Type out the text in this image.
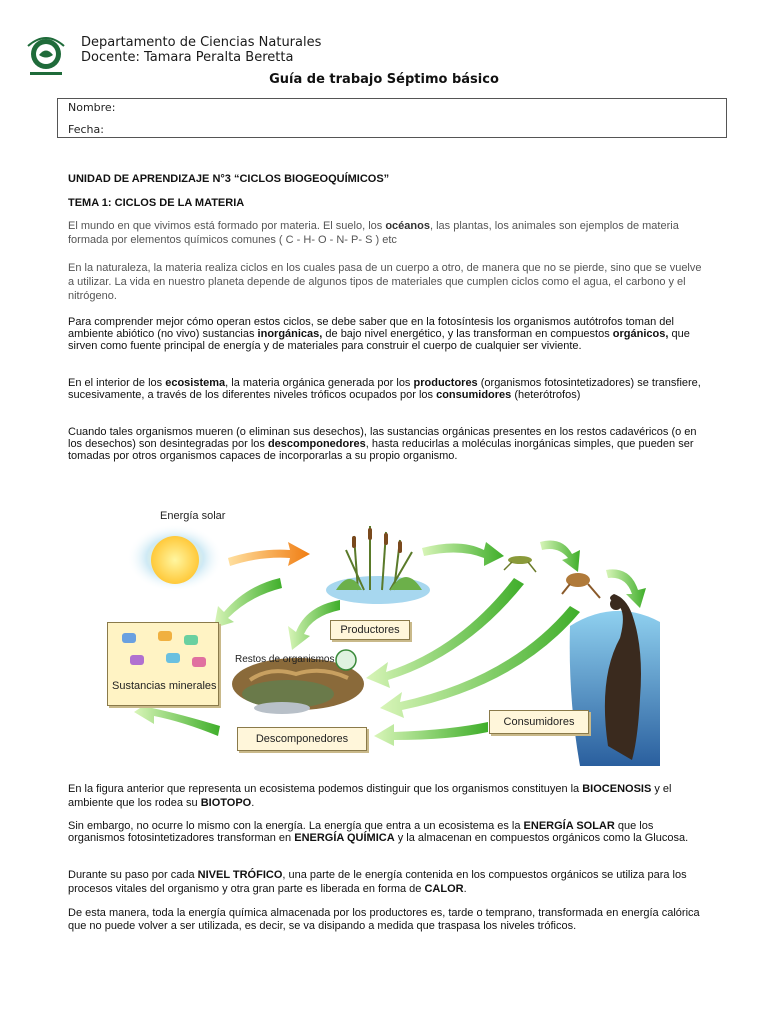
Departamento de Ciencias Naturales
Docente: Tamara Peralta Beretta
Guía de trabajo Séptimo básico
Nombre:
Fecha:
UNIDAD DE APRENDIZAJE N°3 “CICLOS BIOGEOQUÍMICOS”
TEMA 1: CICLOS DE LA MATERIA
El mundo en que vivimos está formado por materia. El suelo, los océanos, las plantas, los animales son ejemplos de materia formada por elementos químicos comunes ( C - H- O - N- P- S ) etc
En la naturaleza, la materia realiza ciclos en los cuales pasa de un cuerpo a otro, de manera que no se pierde, sino que se vuelve a utilizar. La vida en nuestro planeta depende de algunos tipos de materiales que cumplen ciclos como el agua, el carbono y el nitrógeno.
Para comprender mejor cómo operan estos ciclos, se debe saber que en la fotosíntesis los organismos autótrofos toman del ambiente abiótico (no vivo) sustancias inorgánicas, de bajo nivel energético, y las transforman en compuestos orgánicos, que sirven como fuente principal de energía y de materiales para construir el cuerpo de cualquier ser viviente.
En el interior de los ecosistema, la materia orgánica generada por los productores (organismos fotosintetizadores) se transfiere, sucesivamente, a través de los diferentes niveles tróficos ocupados por los consumidores (heterótrofos)
Cuando tales organismos mueren (o eliminan sus desechos), las sustancias orgánicas presentes en los restos cadavéricos (o en los desechos) son desintegradas por los descomponedores, hasta reducirlas a moléculas inorgánicas simples, que pueden ser tomadas por otros organismos capaces de incorporarlas a su propio organismo.
Energía solar
Productores
Restos de organismos
Sustancias minerales
Descomponedores
Consumidores
En la figura anterior que representa un ecosistema podemos distinguir que los organismos constituyen la BIOCENOSIS y el ambiente que los rodea su BIOTOPO.
Sin embargo, no ocurre lo mismo con la energía. La energía que entra a un ecosistema es la ENERGÍA SOLAR que los organismos fotosintetizadores transforman en ENERGÍA QUÍMICA y la almacenan en compuestos orgánicos como la Glucosa.
Durante su paso por cada NIVEL TRÓFICO, una parte de le energía contenida en los compuestos orgánicos se utiliza para los procesos vitales del organismo y otra gran parte es liberada en forma de CALOR.
De esta manera, toda la energía química almacenada por los productores es, tarde o temprano, transformada en energía calórica que no puede volver a ser utilizada, es decir, se va disipando a medida que traspasa los niveles tróficos.
